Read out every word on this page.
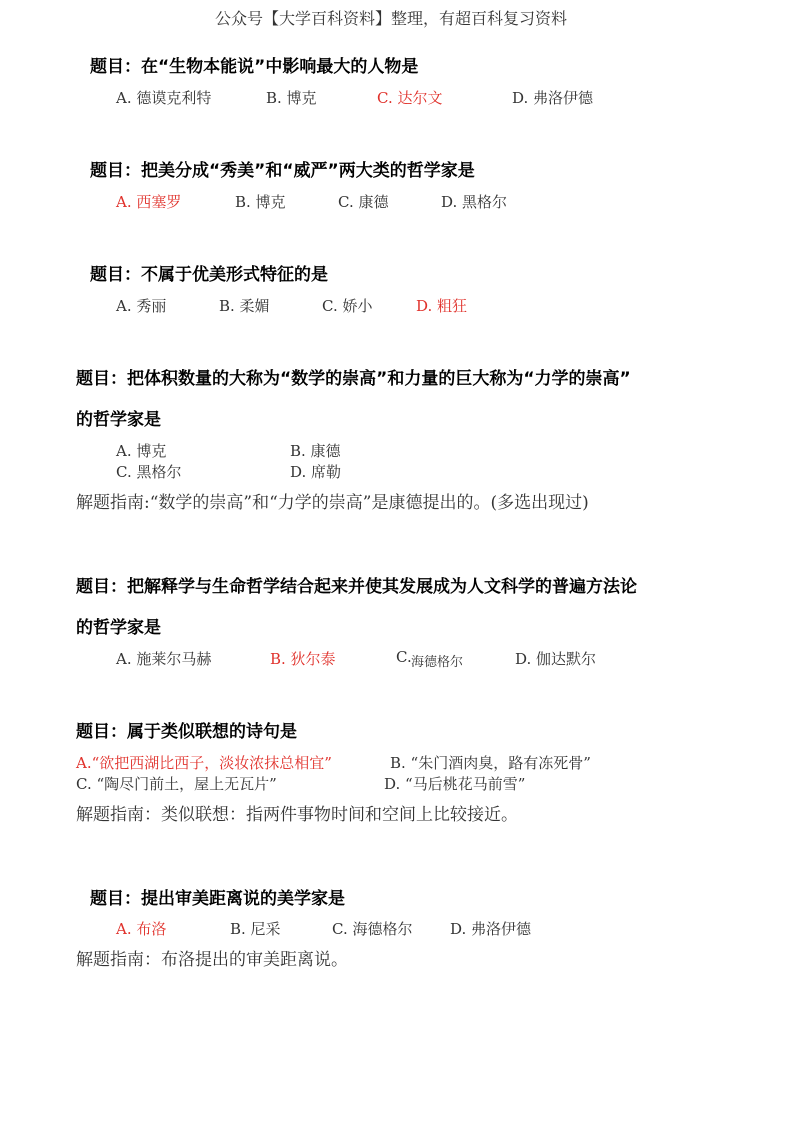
公众号【大学百科资料】整理，有超百科复习资料
题目：在“生物本能说”中影响最大的人物是
A. 德谟克利特	B. 博克	C. 达尔文	D. 弗洛伊德
题目：把美分成“秀美”和“威严”两大类的哲学家是
A. 西塞罗	B. 博克	C. 康德	D. 黑格尔
题目：不属于优美形式特征的是
A. 秀丽	B. 柔媚	C. 娇小	D. 粗狂
题目：把体积数量的大称为“数学的崇高”和力量的巨大称为“力学的崇高”
的哲学家是
A. 博克	B. 康德
C. 黑格尔	D. 席勒
解题指南:“数学的崇高”和“力学的崇高”是康德提出的。(多选出现过)
题目：把解释学与生命哲学结合起来并使其发展成为人文科学的普遍方法论
的哲学家是
A. 施莱尔马赫	B. 狄尔泰	C. 海德格尔	D. 伽达默尔
题目：属于类似联想的诗句是
A.“欲把西湖比西子，淡妆浓抹总相宜”	B. “朱门酒肉臭，路有冻死骨”
C. “陶尽门前土，屋上无瓦片”	D. “马后桃花马前雪”
解题指南：类似联想：指两件事物时间和空间上比较接近。
题目：提出审美距离说的美学家是
A. 布洛	B. 尼采	C. 海德格尔	D. 弗洛伊德
解题指南：布洛提出的审美距离说。
